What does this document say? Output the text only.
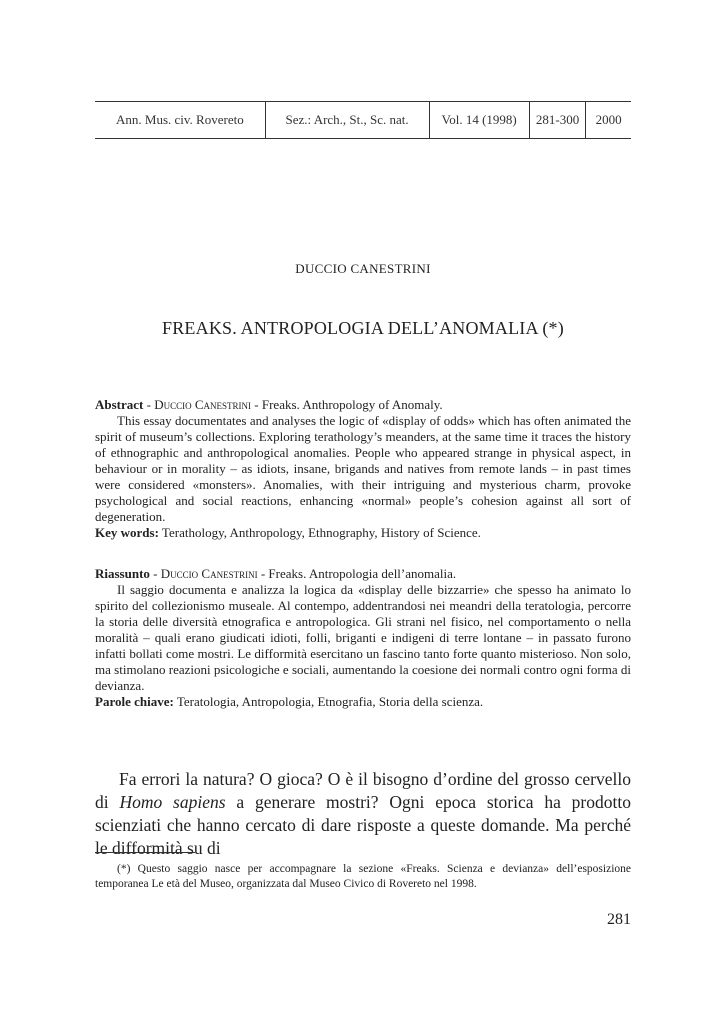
Ann. Mus. civ. Rovereto	Sez.: Arch., St., Sc. nat.	Vol. 14 (1998)	281-300	2000
DUCCIO CANESTRINI
FREAKS. ANTROPOLOGIA DELL’ANOMALIA (*)

Abstract - Duccio Canestrini - Freaks. Anthropology of Anomaly.

This essay documentates and analyses the logic of «display of odds» which has often animated the spirit of museum’s collections. Exploring terathology’s meanders, at the same time it traces the history of ethnographic and anthropological anomalies. People who appeared strange in physical aspect, in behaviour or in morality – as idiots, insane, brigands and natives from remote lands – in past times were considered «monsters». Anomalies, with their intriguing and mysterious charm, provoke psychological and social reactions, enhancing «normal» people’s cohesion against all sort of degeneration.

Key words: Terathology, Anthropology, Ethnography, History of Science.

Riassunto - Duccio Canestrini - Freaks. Antropologia dell’anomalia.

Il saggio documenta e analizza la logica da «display delle bizzarrie» che spesso ha animato lo spirito del collezionismo museale. Al contempo, addentrandosi nei meandri della teratologia, percorre la storia delle diversità etnografica e antropologica. Gli strani nel fisico, nel comportamento o nella moralità – quali erano giudicati idioti, folli, briganti e indigeni di terre lontane – in passato furono infatti bollati come mostri. Le difformità esercitano un fascino tanto forte quanto misterioso. Non solo, ma stimolano reazioni psicologiche e sociali, aumentando la coesione dei normali contro ogni forma di devianza.

Parole chiave: Teratologia, Antropologia, Etnografia, Storia della scienza.

Fa errori la natura? O gioca? O è il bisogno d’ordine del grosso cervello di Homo sapiens a generare mostri? Ogni epoca storica ha prodotto scienziati che hanno cercato di dare risposte a queste domande. Ma perché le difformità su di

(*) Questo saggio nasce per accompagnare la sezione «Freaks. Scienza e devianza» dell’esposizione temporanea Le età del Museo, organizzata dal Museo Civico di Rovereto nel 1998.

281
